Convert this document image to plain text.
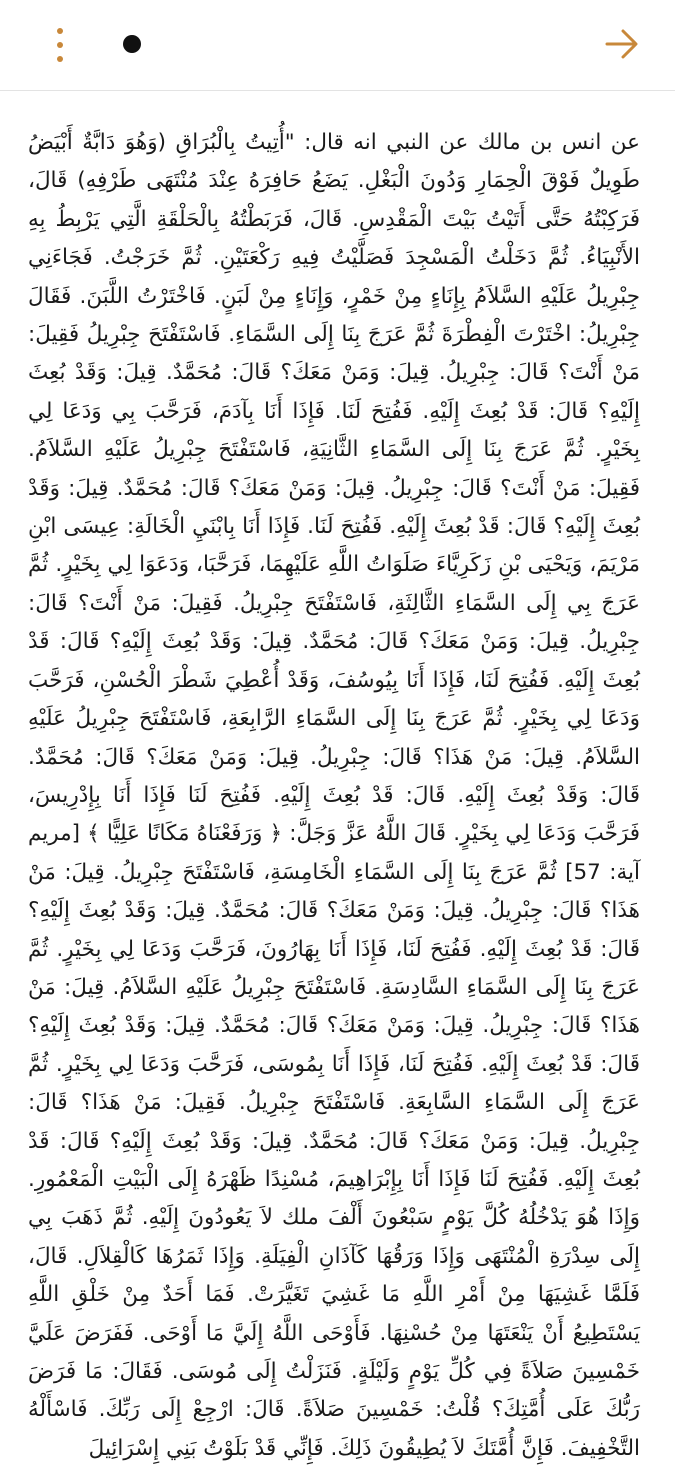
عن انس بن مالك عن النبي انه قال: "أُتِيتُ بِالْبُرَاقِ (وَهُوَ دَابَّةٌ أَبْيَضُ طَوِيلٌ فَوْقَ الْحِمَارِ وَدُونَ الْبَغْلِ. يَضَعُ حَافِرَهُ عِنْدَ مُنْتَهَى طَرْفِهِ) قَالَ، فَرَكِبْتُهُ حَتَّى أَتَيْتُ بَيْتَ الْمَقْدِسِ. قَالَ، فَرَبَطْتُهُ بِالْحَلْقَةِ الَّتِي يَرْبِطُ بِهِ الأَنْبِيَاءُ. ثُمَّ دَخَلْتُ الْمَسْجِدَ فَصَلَّيْتُ فِيهِ رَكْعَتَيْنِ. ثُمَّ خَرَجْتُ. فَجَاءَنِي جِبْرِيلُ عَلَيْهِ السَّلاَمُ بِإِنَاءٍ مِنْ خَمْرٍ، وَإِنَاءٍ مِنْ لَبَنٍ. فَاخْتَرْتُ اللَّبَنَ. فَقَالَ جِبْرِيلُ: اخْتَرْتَ الْفِطْرَةَ ثُمَّ عَرَجَ بِنَا إِلَى السَّمَاءِ. فَاسْتَفْتَحَ جِبْرِيلُ فَقِيلَ: مَنْ أَنْتَ؟ قَالَ: جِبْرِيلُ. قِيلَ: وَمَنْ مَعَكَ؟ قَالَ: مُحَمَّدٌ. قِيلَ: وَقَدْ بُعِثَ إِلَيْهِ؟ قَالَ: قَدْ بُعِثَ إِلَيْهِ. فَفُتِحَ لَنَا. فَإِذَا أَنَا بِآدَمَ، فَرَحَّبَ بِي وَدَعَا لِي بِخَيْرٍ. ثُمَّ عَرَجَ بِنَا إِلَى السَّمَاءِ الثَّانِيَةِ، فَاسْتَفْتَحَ جِبْرِيلُ عَلَيْهِ السَّلاَمُ. فَقِيلَ: مَنْ أَنْتَ؟ قَالَ: جِبْرِيلُ. قِيلَ: وَمَنْ مَعَكَ؟ قَالَ: مُحَمَّدٌ. قِيلَ: وَقَدْ بُعِثَ إِلَيْهِ؟ قَالَ: قَدْ بُعِثَ إِلَيْهِ. فَفُتِحَ لَنَا. فَإِذَا أَنَا بِابْنَيِ الْخَالَةِ: عِيسَى ابْنِ مَرْيَمَ، وَيَحْيَى بْنِ زَكَرِيَّاءَ صَلَوَاتُ اللَّهِ عَلَيْهِمَا، فَرَحَّبَا، وَدَعَوَا لِي بِخَيْرٍ. ثُمَّ عَرَجَ بِي إِلَى السَّمَاءِ الثَّالِثَةِ، فَاسْتَفْتَحَ جِبْرِيلُ. فَقِيلَ: مَنْ أَنْتَ؟ قَالَ: جِبْرِيلُ. قِيلَ: وَمَنْ مَعَكَ؟ قَالَ: مُحَمَّدٌ. قِيلَ: وَقَدْ بُعِثَ إِلَيْهِ؟ قَالَ: قَدْ بُعِثَ إِلَيْهِ. فَفُتِحَ لَنَا، فَإِذَا أَنَا بِيُوسُفَ، وَقَدْ أُعْطِيَ شَطْرَ الْحُسْنِ، فَرَحَّبَ وَدَعَا لِي بِخَيْرٍ. ثُمَّ عَرَجَ بِنَا إِلَى السَّمَاءِ الرَّابِعَةِ، فَاسْتَفْتَحَ جِبْرِيلُ عَلَيْهِ السَّلاَمُ. قِيلَ: مَنْ هَذَا؟ قَالَ: جِبْرِيلُ. قِيلَ: وَمَنْ مَعَكَ؟ قَالَ: مُحَمَّدٌ. قَالَ: وَقَدْ بُعِثَ إِلَيْهِ. قَالَ: قَدْ بُعِثَ إِلَيْهِ. فَفُتِحَ لَنَا فَإِذَا أَنَا بِإِدْرِيسَ، فَرَحَّبَ وَدَعَا لِي بِخَيْرٍ. قَالَ اللَّهُ عَزَّ وَجَلَّ: ﴿ وَرَفَعْنَاهُ مَكَانًا عَلِيًّا ﴾ [مريم آية: 57] ثُمَّ عَرَجَ بِنَا إِلَى السَّمَاءِ الْخَامِسَةِ، فَاسْتَفْتَحَ جِبْرِيلُ. قِيلَ: مَنْ هَذَا؟ قَالَ: جِبْرِيلُ. قِيلَ: وَمَنْ مَعَكَ؟ قَالَ: مُحَمَّدٌ. قِيلَ: وَقَدْ بُعِثَ إِلَيْهِ؟ قَالَ: قَدْ بُعِثَ إِلَيْهِ. فَفُتِحَ لَنَا، فَإِذَا أَنَا بِهَارُونَ، فَرَحَّبَ وَدَعَا لِي بِخَيْرٍ. ثُمَّ عَرَجَ بِنَا إِلَى السَّمَاءِ السَّادِسَةِ. فَاسْتَفْتَحَ جِبْرِيلُ عَلَيْهِ السَّلاَمُ. قِيلَ: مَنْ هَذَا؟ قَالَ: جِبْرِيلُ. قِيلَ: وَمَنْ مَعَكَ؟ قَالَ: مُحَمَّدٌ. قِيلَ: وَقَدْ بُعِثَ إِلَيْهِ؟ قَالَ: قَدْ بُعِثَ إِلَيْهِ. فَفُتِحَ لَنَا، فَإِذَا أَنَا بِمُوسَى، فَرَحَّبَ وَدَعَا لِي بِخَيْرٍ. ثُمَّ عَرَجَ إِلَى السَّمَاءِ السَّابِعَةِ. فَاسْتَفْتَحَ جِبْرِيلُ. فَقِيلَ: مَنْ هَذَا؟ قَالَ: جِبْرِيلُ. قِيلَ: وَمَنْ مَعَكَ؟ قَالَ: مُحَمَّدٌ. قِيلَ: وَقَدْ بُعِثَ إِلَيْهِ؟ قَالَ: قَدْ بُعِثَ إِلَيْهِ. فَفُتِحَ لَنَا فَإِذَا أَنَا بِإِبْرَاهِيمَ، مُسْنِدًا ظَهْرَهُ إِلَى الْبَيْتِ الْمَعْمُورِ. وَإِذَا هُوَ يَدْخُلُهُ كُلَّ يَوْمٍ سَبْعُونَ أَلْفَ ملك لاَ يَعُودُونَ إِلَيْهِ. ثُمَّ ذَهَبَ بِي إِلَى سِدْرَةِ الْمُنْتَهَى وَإِذَا وَرَقُهَا كَآذَانِ الْفِيَلَةِ. وَإِذَا ثَمَرُهَا كَالْقِلاَلِ. قَالَ، فَلَمَّا غَشِيَهَا مِنْ أَمْرِ اللَّهِ مَا غَشِيَ تَغَيَّرَتْ. فَمَا أَحَدٌ مِنْ خَلْقِ اللَّهِ يَسْتَطِيعُ أَنْ يَنْعَتَهَا مِنْ حُسْنِهَا. فَأَوْحَى اللَّهُ إِلَيَّ مَا أَوْحَى. فَفَرَضَ عَلَيَّ خَمْسِينَ صَلاَةً فِي كُلِّ يَوْمٍ وَلَيْلَةٍ. فَنَزَلْتُ إِلَى مُوسَى. فَقَالَ: مَا فَرَضَ رَبُّكَ عَلَى أُمَّتِكَ؟ قُلْتُ: خَمْسِينَ صَلاَةً. قَالَ: ارْجِعْ إِلَى رَبِّكَ. فَاسْأَلْهُ التَّخْفِيفَ. فَإِنَّ أُمَّتَكَ لاَ يُطِيقُونَ ذَلِكَ. فَإِنِّي قَدْ بَلَوْتُ بَنِي إِسْرَائِيلَ
